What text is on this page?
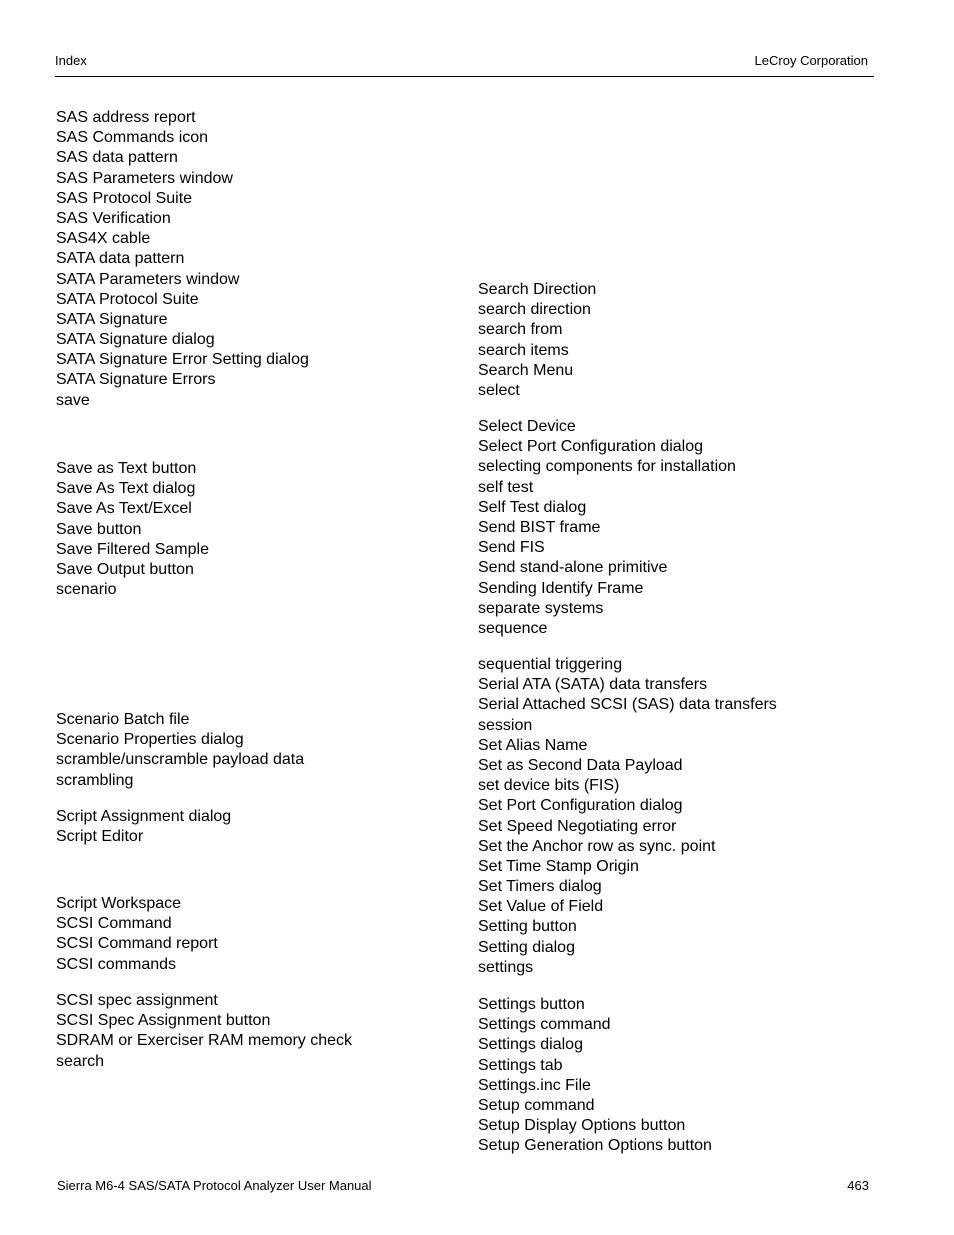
Index	LeCroy Corporation
SAS address report
SAS Commands icon
SAS data pattern
SAS Parameters window
SAS Protocol Suite
SAS Verification
SAS4X cable
SATA data pattern
SATA Parameters window
SATA Protocol Suite
SATA Signature
SATA Signature dialog
SATA Signature Error Setting dialog
SATA Signature Errors
save
Save as Text button
Save As Text dialog
Save As Text/Excel
Save button
Save Filtered Sample
Save Output button
scenario
Scenario Batch file
Scenario Properties dialog
scramble/unscramble payload data
scrambling
Script Assignment dialog
Script Editor
Script Workspace
SCSI Command
SCSI Command report
SCSI commands
SCSI spec assignment
SCSI Spec Assignment button
SDRAM or Exerciser RAM memory check
search
Search Direction
search direction
search from
search items
Search Menu
select
Select Device
Select Port Configuration dialog
selecting components for installation
self test
Self Test dialog
Send BIST frame
Send FIS
Send stand-alone primitive
Sending Identify Frame
separate systems
sequence
sequential triggering
Serial ATA (SATA) data transfers
Serial Attached SCSI (SAS) data transfers
session
Set Alias Name
Set as Second Data Payload
set device bits (FIS)
Set Port Configuration dialog
Set Speed Negotiating error
Set the Anchor row as sync. point
Set Time Stamp Origin
Set Timers dialog
Set Value of Field
Setting button
Setting dialog
settings
Settings button
Settings command
Settings dialog
Settings tab
Settings.inc File
Setup command
Setup Display Options button
Setup Generation Options button
Sierra M6-4 SAS/SATA Protocol Analyzer User Manual	463
